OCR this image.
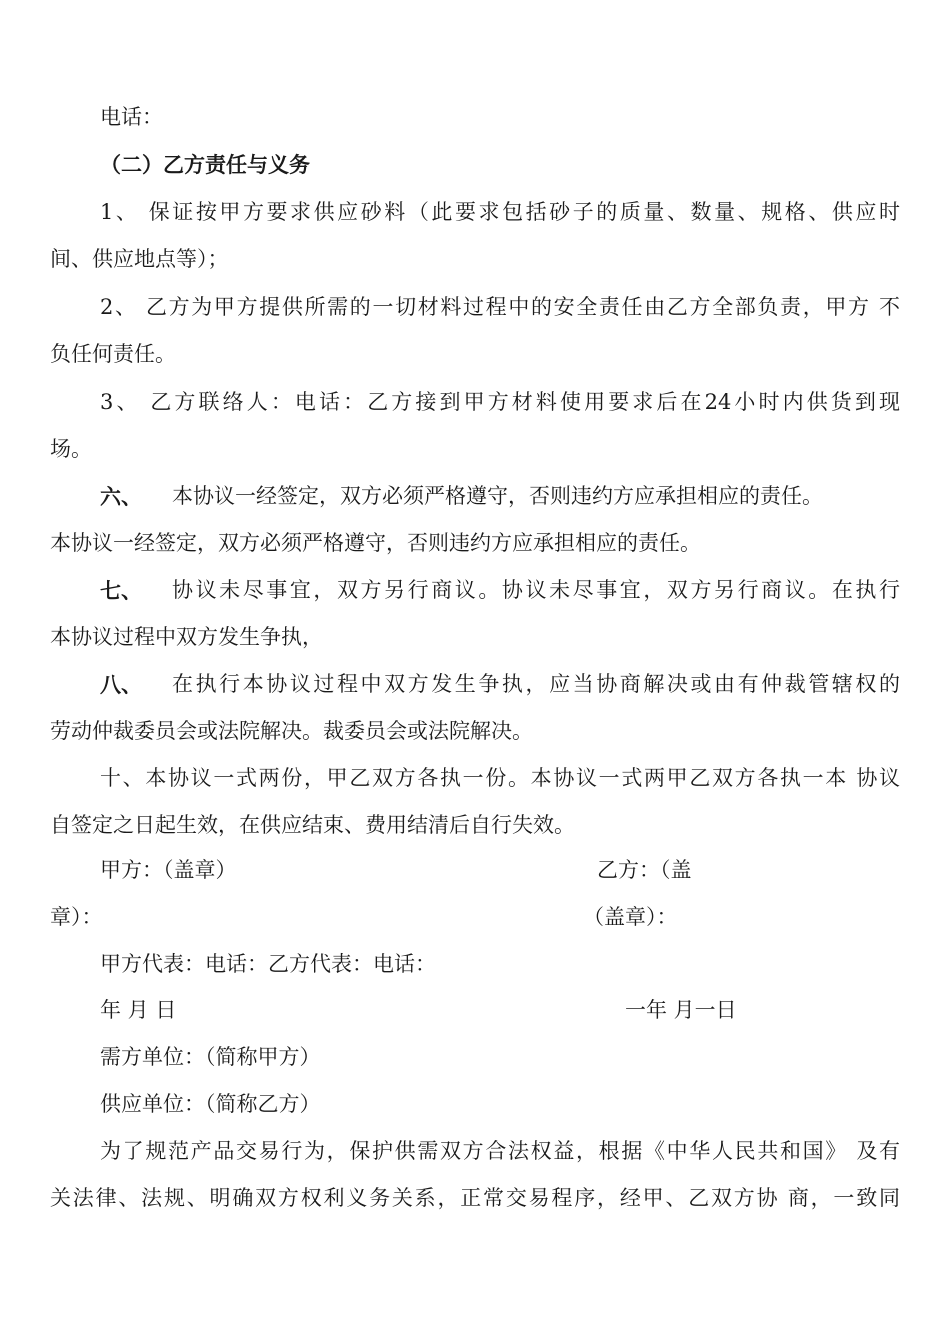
电话：
（二）乙方责任与义务
1、 保证按甲方要求供应砂料（此要求包括砂子的质量、数量、规格、供应时
间、供应地点等）；
2、 乙方为甲方提供所需的一切材料过程中的安全责任由乙方全部负责，甲方 不
负任何责任。
3、 乙方联络人：电话：乙方接到甲方材料使用要求后在24小时内供货到现
场。
六、 本协议一经签定，双方必须严格遵守，否则违约方应承担相应的责任。
本协议一经签定，双方必须严格遵守，否则违约方应承担相应的责任。
七、 协议未尽事宜，双方另行商议。协议未尽事宜，双方另行商议。在执行
本协议过程中双方发生争执，
八、 在执行本协议过程中双方发生争执，应当协商解决或由有仲裁管辖权的
劳动仲裁委员会或法院解决。裁委员会或法院解决。
十、本协议一式两份，甲乙双方各执一份。本协议一式两甲乙双方各执一本 协议
自签定之日起生效，在供应结束、费用结清后自行失效。
甲方：（盖章）	乙方：（盖
章）：	（盖章）：
甲方代表：电话：乙方代表：电话：
年 月 日	一年 月一日
需方单位：（简称甲方）
供应单位：（简称乙方）
为了规范产品交易行为，保护供需双方合法权益，根据《中华人民共和国》 及有
关法律、法规、明确双方权利义务关系，正常交易程序，经甲、乙双方协 商，一致同
